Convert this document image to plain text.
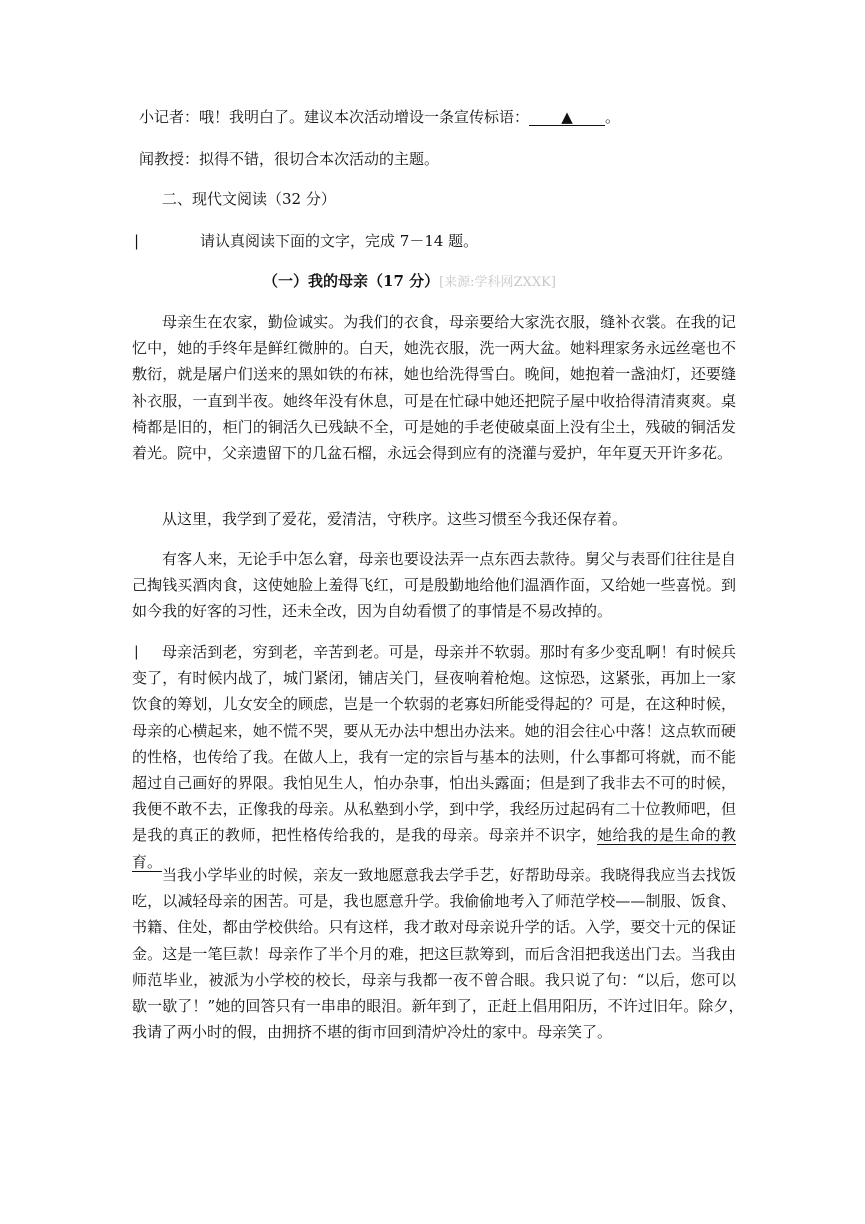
小记者：哦！我明白了。建议本次活动增设一条宣传标语： ▲ 。
闻教授：拟得不错，很切合本次活动的主题。
二、现代文阅读（32 分）
|	请认真阅读下面的文字，完成 7－14 题。
（一）我的母亲（17 分）[来源:学科网ZXXK]

母亲生在农家，勤俭诚实。为我们的衣食，母亲要给大家洗衣服，缝补衣裳。在我的记忆中，她的手终年是鲜红微肿的。白天，她洗衣服，洗一两大盆。她料理家务永远丝毫也不敷衍，就是屠户们送来的黑如铁的布袜，她也给洗得雪白。晚间，她抱着一盏油灯，还要缝补衣服，一直到半夜。她终年没有休息，可是在忙碌中她还把院子屋中收拾得清清爽爽。桌椅都是旧的，柜门的铜活久已残缺不全，可是她的手老使破桌面上没有尘土，残破的铜活发着光。院中，父亲遗留下的几盆石榴，永远会得到应有的浇灌与爱护，年年夏天开许多花。

从这里，我学到了爱花，爱清洁，守秩序。这些习惯至今我还保存着。

有客人来，无论手中怎么窘，母亲也要设法弄一点东西去款待。舅父与表哥们往往是自己掏钱买酒肉食，这使她脸上羞得飞红，可是殷勤地给他们温酒作面，又给她一些喜悦。到如今我的好客的习性，还未全改，因为自幼看惯了的事情是不易改掉的。

|	母亲活到老，穷到老，辛苦到老。可是，母亲并不软弱。那时有多少变乱啊！有时候兵变了，有时候内战了，城门紧闭，铺店关门，昼夜响着枪炮。这惊恐，这紧张，再加上一家饮食的筹划，儿女安全的顾虑，岂是一个软弱的老寡妇所能受得起的？可是，在这种时候，母亲的心横起来，她不慌不哭，要从无办法中想出办法来。她的泪会往心中落！这点软而硬的性格，也传给了我。在做人上，我有一定的宗旨与基本的法则，什么事都可将就，而不能超过自己画好的界限。我怕见生人，怕办杂事，怕出头露面；但是到了我非去不可的时候，我便不敢不去，正像我的母亲。从私塾到小学，到中学，我经历过起码有二十位教师吧，但是我的真正的教师，把性格传给我的，是我的母亲。母亲并不识字，她给我的是生命的教育。

当我小学毕业的时候，亲友一致地愿意我去学手艺，好帮助母亲。我晓得我应当去找饭吃，以减轻母亲的困苦。可是，我也愿意升学。我偷偷地考入了师范学校——制服、饭食、书籍、住处，都由学校供给。只有这样，我才敢对母亲说升学的话。入学，要交十元的保证金。这是一笔巨款！母亲作了半个月的难，把这巨款筹到，而后含泪把我送出门去。当我由师范毕业，被派为小学校的校长，母亲与我都一夜不曾合眼。我只说了句：“以后，您可以歇一歇了！”她的回答只有一串串的眼泪。新年到了，正赶上倡用阳历，不许过旧年。除夕，　　我请了两小时的假，由拥挤不堪的街市回到清炉冷灶的家中。母亲笑了。
